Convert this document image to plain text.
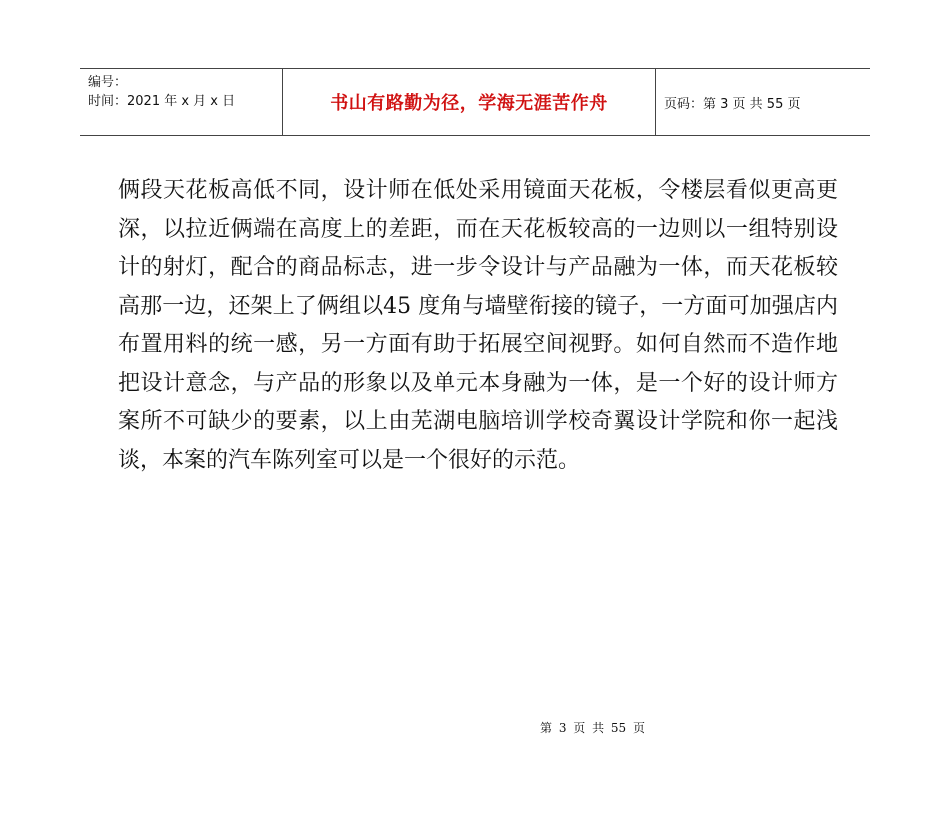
编号：
时间：2021 年 x 月 x 日	书山有路勤为径，学海无涯苦作舟	页码：第 3 页 共 55 页

俩段天花板高低不同，设计师在低处采用镜面天花板，令楼层看似更高更深，以拉近俩端在高度上的差距，而在天花板较高的一边则以一组特别设计的射灯，配合的商品标志，进一步令设计与产品融为一体，而天花板较高那一边，还架上了俩组以45 度角与墙壁衔接的镜子，一方面可加强店内布置用料的统一感，另一方面有助于拓展空间视野。如何自然而不造作地把设计意念，与产品的形象以及单元本身融为一体，是一个好的设计师方案所不可缺少的要素，以上由芜湖电脑培训学校奇翼设计学院和你一起浅谈，本案的汽车陈列室可以是一个很好的示范。

第 3 页 共 55 页
